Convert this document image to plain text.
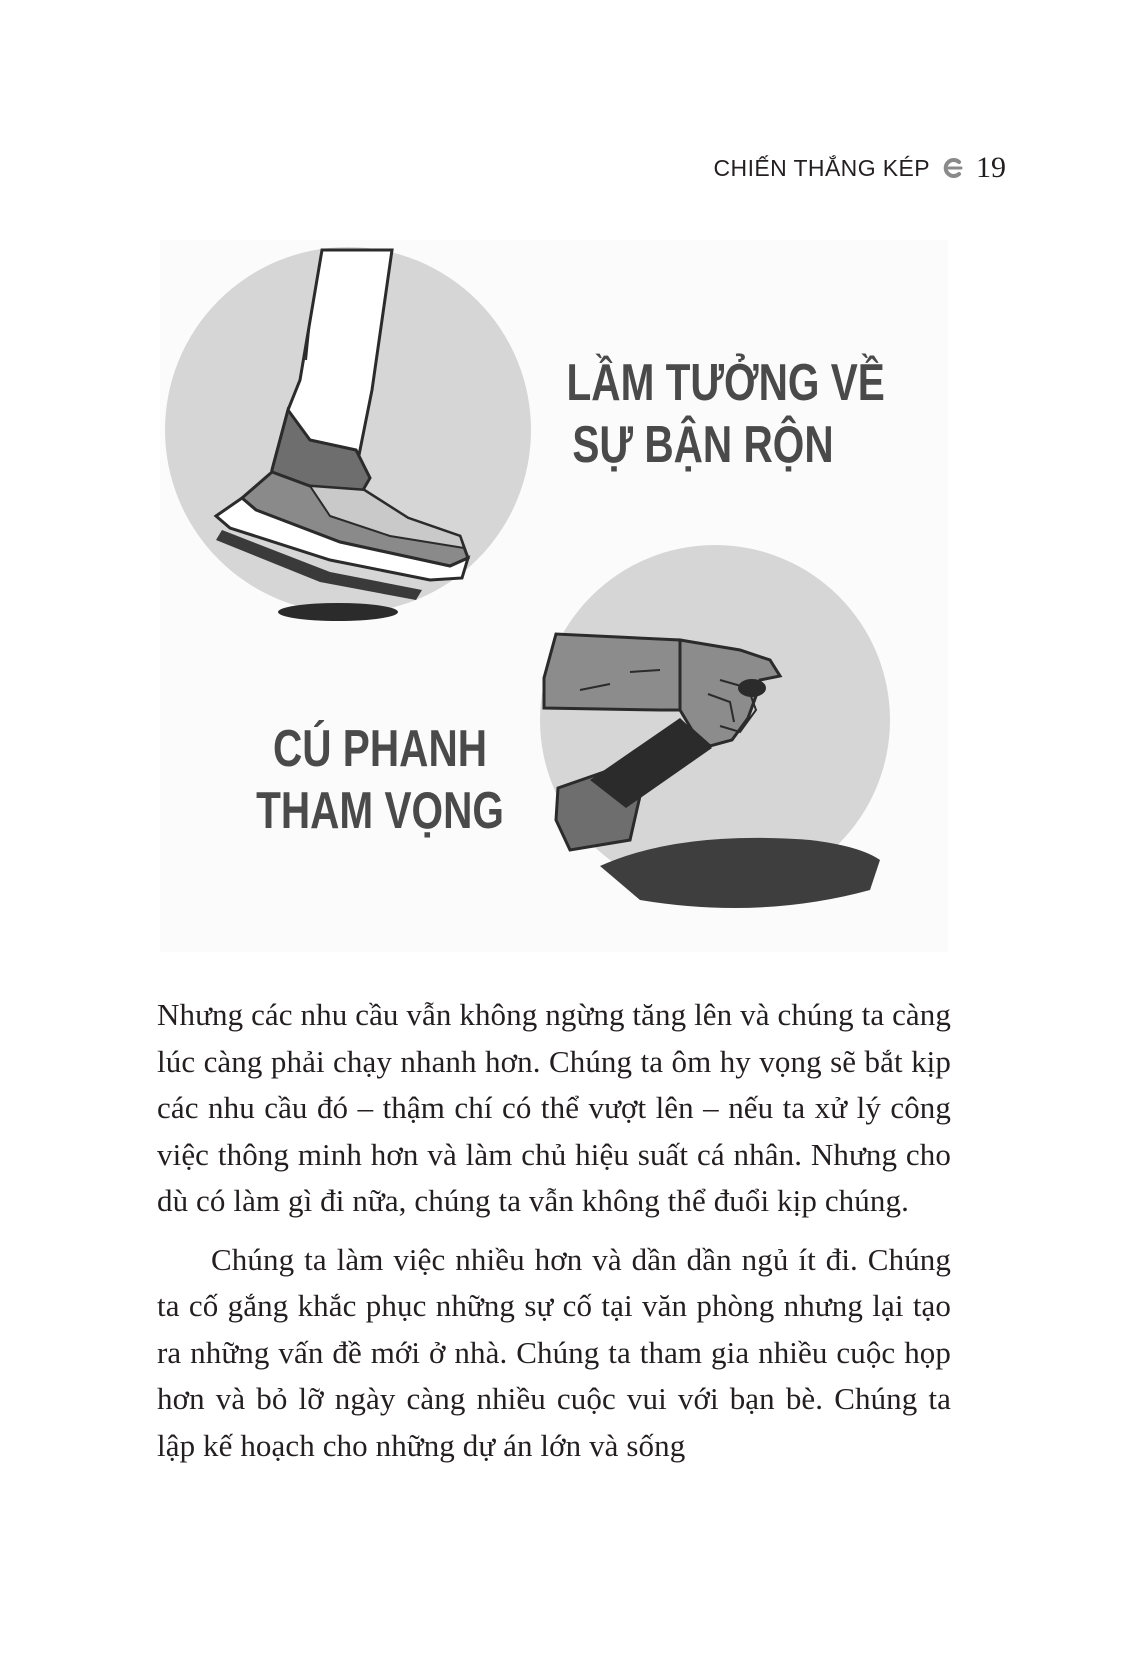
CHIẾN THẮNG KÉP 19
LẦM TƯỞNG VỀ
SỰ BẬN RỘN
CÚ PHANH
THAM VỌNG

Nhưng các nhu cầu vẫn không ngừng tăng lên và chúng ta càng lúc càng phải chạy nhanh hơn. Chúng ta ôm hy vọng sẽ bắt kịp các nhu cầu đó – thậm chí có thể vượt lên – nếu ta xử lý công việc thông minh hơn và làm chủ hiệu suất cá nhân. Nhưng cho dù có làm gì đi nữa, chúng ta vẫn không thể đuổi kịp chúng.

Chúng ta làm việc nhiều hơn và dần dần ngủ ít đi. Chúng ta cố gắng khắc phục những sự cố tại văn phòng nhưng lại tạo ra những vấn đề mới ở nhà. Chúng ta tham gia nhiều cuộc họp hơn và bỏ lỡ ngày càng nhiều cuộc vui với bạn bè. Chúng ta lập kế hoạch cho những dự án lớn và sống
